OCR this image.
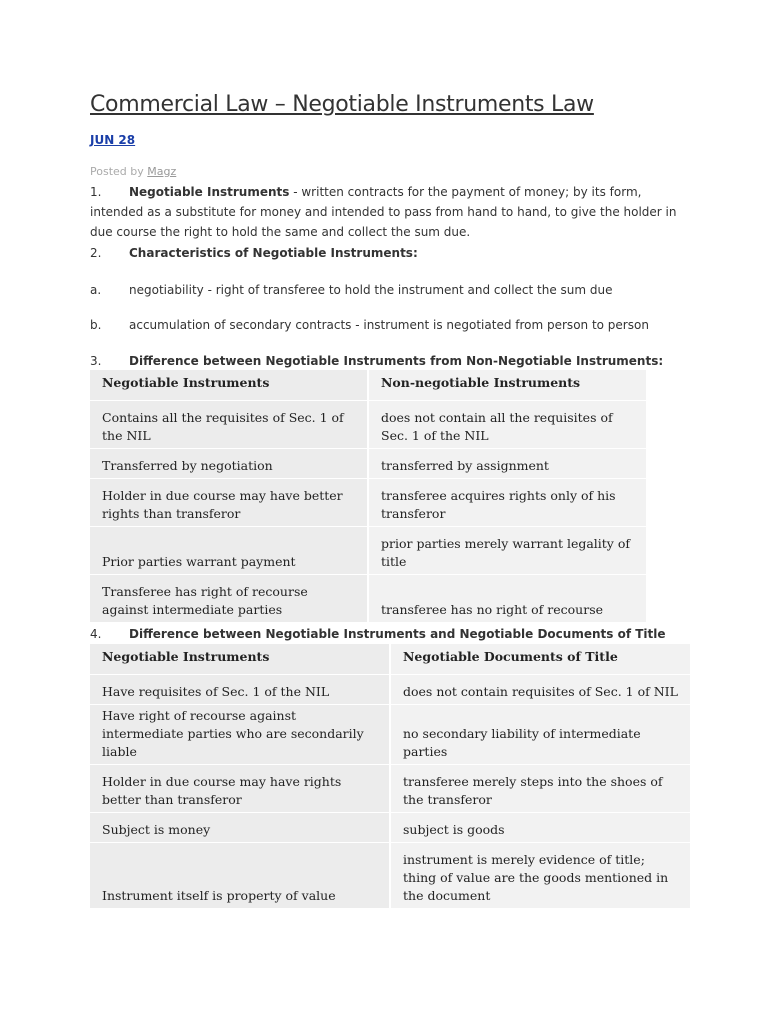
Commercial Law – Negotiable Instruments Law
JUN 28
Posted by Magz
1. Negotiable Instruments - written contracts for the payment of money; by its form, intended as a substitute for money and intended to pass from hand to hand, to give the holder in due course the right to hold the same and collect the sum due.
2. Characteristics of Negotiable Instruments:
a. negotiability - right of transferee to hold the instrument and collect the sum due
b. accumulation of secondary contracts - instrument is negotiated from person to person
3. Difference between Negotiable Instruments from Non-Negotiable Instruments:
Negotiable Instruments	Non-negotiable Instruments
Contains all the requisites of Sec. 1 of the NIL	does not contain all the requisites of Sec. 1 of the NIL
Transferred by negotiation	transferred by assignment
Holder in due course may have better rights than transferor	transferee acquires rights only of his transferor
Prior parties warrant payment	prior parties merely warrant legality of title
Transferee has right of recourse against intermediate parties	transferee has no right of recourse
4. Difference between Negotiable Instruments and Negotiable Documents of Title
Negotiable Instruments	Negotiable Documents of Title
Have requisites of Sec. 1 of the NIL	does not contain requisites of Sec. 1 of NIL
Have right of recourse against intermediate parties who are secondarily liable	no secondary liability of intermediate parties
Holder in due course may have rights better than transferor	transferee merely steps into the shoes of the transferor
Subject is money	subject is goods
Instrument itself is property of value	instrument is merely evidence of title; thing of value are the goods mentioned in the document
